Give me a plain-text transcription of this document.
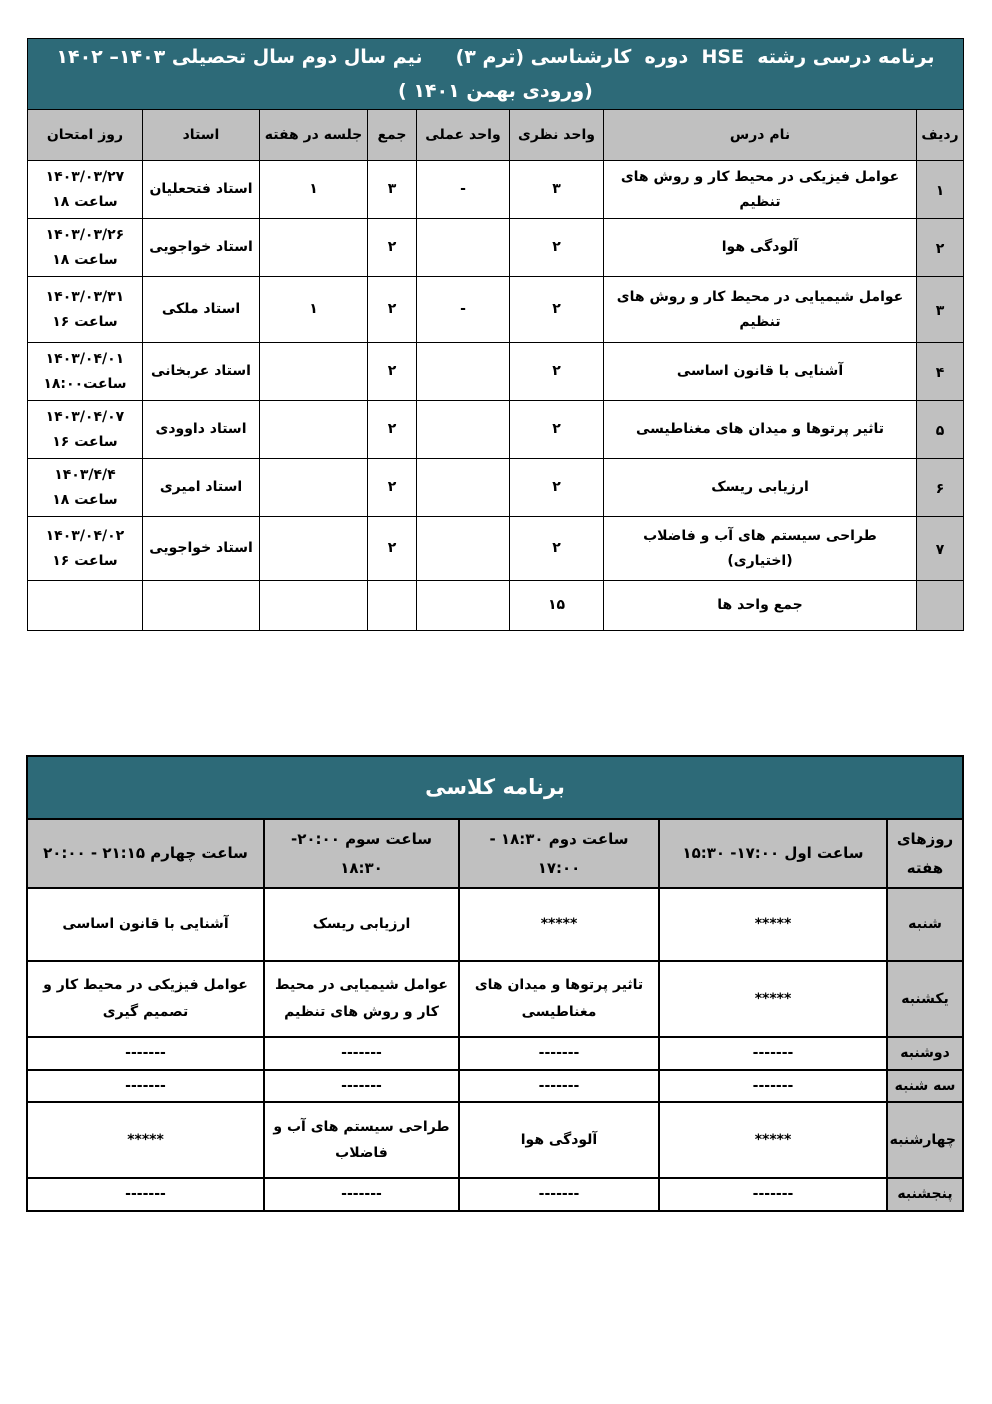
برنامه درسی رشته  HSE  دوره  کارشناسی (ترم ۳)     نیم سال دوم سال تحصیلی ۱۴۰۳– ۱۴۰۲ (ورودی بهمن ۱۴۰۱ )							
ردیف	نام درس	واحد نظری	واحد عملی	جمع	جلسه در هفته	استاد	روز امتحان
۱	عوامل فیزیکی در محیط کار و روش های تنظیم	۳	-	۳	۱	استاد فتحعلیان	۱۴۰۳/۰۳/۲۷
ساعت ۱۸

۲	آلودگی هوا	۲		۲		استاد خواجویی	۱۴۰۳/۰۳/۲۶
ساعت ۱۸

۳	عوامل شیمیایی در محیط کار و روش های تنظیم	۲	-	۲	۱	استاد ملکی	۱۴۰۳/۰۳/۳۱
ساعت ۱۶

۴	آشنایی با قانون اساسی	۲		۲		استاد عربخانی	۱۴۰۳/۰۴/۰۱
ساعت۱۸:۰۰

۵	تاثیر پرتوها و میدان های مغناطیسی	۲		۲		استاد داوودی	۱۴۰۳/۰۴/۰۷
ساعت ۱۶

۶	ارزیابی ریسک	۲		۲		استاد امیری	۱۴۰۳/۴/۴
ساعت ۱۸

۷	طراحی سیستم های آب و فاضلاب (اختیاری)	۲		۲		استاد خواجویی	۱۴۰۳/۰۴/۰۲
ساعت ۱۶

	جمع واحد ها	۱۵					
برنامه کلاسی				
روزهای هفته	ساعت اول ۱۷:۰۰- ۱۵:۳۰	ساعت دوم ۱۸:۳۰ - ۱۷:۰۰	ساعت سوم ۲۰:۰۰- ۱۸:۳۰	ساعت چهارم ۲۱:۱۵ - ۲۰:۰۰
شنبه	*****	*****	ارزیابی ریسک	آشنایی با قانون اساسی
یکشنبه	*****	تاثیر پرتوها و میدان های مغناطیسی	عوامل شیمیایی در محیط کار و روش های تنظیم	عوامل فیزیکی در محیط کار و تصمیم گیری
دوشنبه	-------	-------	-------	-------
سه شنبه	-------	-------	-------	-------
چهارشنبه	*****	آلودگی هوا	طراحی سیستم های آب و فاضلاب	*****
پنجشنبه	-------	-------	-------	-------
